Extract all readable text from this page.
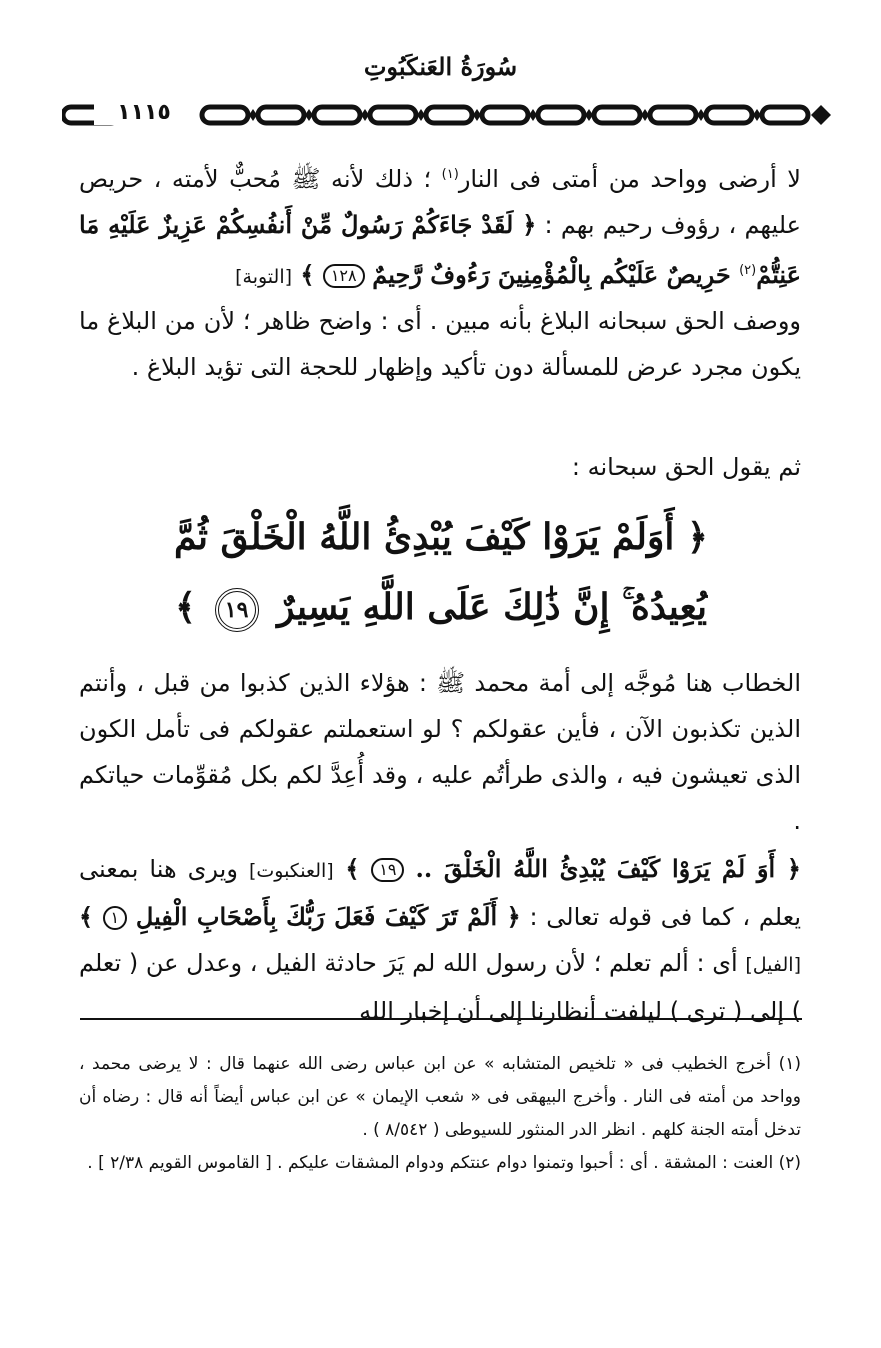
سُورَةُ العَنكَبُوتِ
١١١٥
لا أرضى وواحد من أمتى فى النار$^{(١)}$ ؛ ذلك لأنه ﷺ مُحبٌّ لأمته ، حريص عليهم ، رؤوف رحيم بهم : ﴿ لَقَدْ جَاءَكُمْ رَسُولٌ مِّنْ أَنفُسِكُمْ عَزِيزٌ عَلَيْهِ مَا عَنِتُّمْ$^{(٢)}$ حَرِيصٌ عَلَيْكُم بِالْمُؤْمِنِينَ رَءُوفٌ رَّحِيمٌ ١٢٨ ﴾ [التوبة]
ووصف الحق سبحانه البلاغ بأنه مبين . أى : واضح ظاهر ؛ لأن من البلاغ ما يكون مجرد عرض للمسألة دون تأكيد وإظهار للحجة التى تؤيد البلاغ .
ثم يقول الحق سبحانه :
﴿ أَوَلَمْ يَرَوْا كَيْفَ يُبْدِئُ اللَّهُ الْخَلْقَ ثُمَّ
يُعِيدُهُ ۚ إِنَّ ذَٰلِكَ عَلَى اللَّهِ يَسِيرٌ ١٩ ﴾
الخطاب هنا مُوجَّه إلى أمة محمد ﷺ : هؤلاء الذين كذبوا من قبل ، وأنتم الذين تكذبون الآن ، فأين عقولكم ؟ لو استعملتم عقولكم فى تأمل الكون الذى تعيشون فيه ، والذى طرأتُم عليه ، وقد أُعِدَّ لكم بكل مُقوِّمات حياتكم .
﴿ أَوَ لَمْ يَرَوْا كَيْفَ يُبْدِئُ اللَّهُ الْخَلْقَ .. ١٩ ﴾ [العنكبوت] ويرى هنا بمعنى يعلم ، كما فى قوله تعالى : ﴿ أَلَمْ تَرَ كَيْفَ فَعَلَ رَبُّكَ بِأَصْحَابِ الْفِيلِ ١ ﴾ [الفيل] أى : ألم تعلم ؛ لأن رسول الله لم يَرَ حادثة الفيل ، وعدل عن ( تعلم ) إلى ( ترى ) ليلفت أنظارنا إلى أن إخبار الله
(١) أخرج الخطيب فى « تلخيص المتشابه » عن ابن عباس رضى الله عنهما قال : لا يرضى محمد ، وواحد من أمته فى النار . وأخرج البيهقى فى « شعب الإيمان » عن ابن عباس أيضاً أنه قال : رضاه أن تدخل أمته الجنة كلهم . انظر الدر المنثور للسيوطى ( ٨/٥٤٢ ) .
(٢) العنت : المشقة . أى : أحبوا وتمنوا دوام عنتكم ودوام المشقات عليكم . [ القاموس القويم ٢/٣٨ ] .
